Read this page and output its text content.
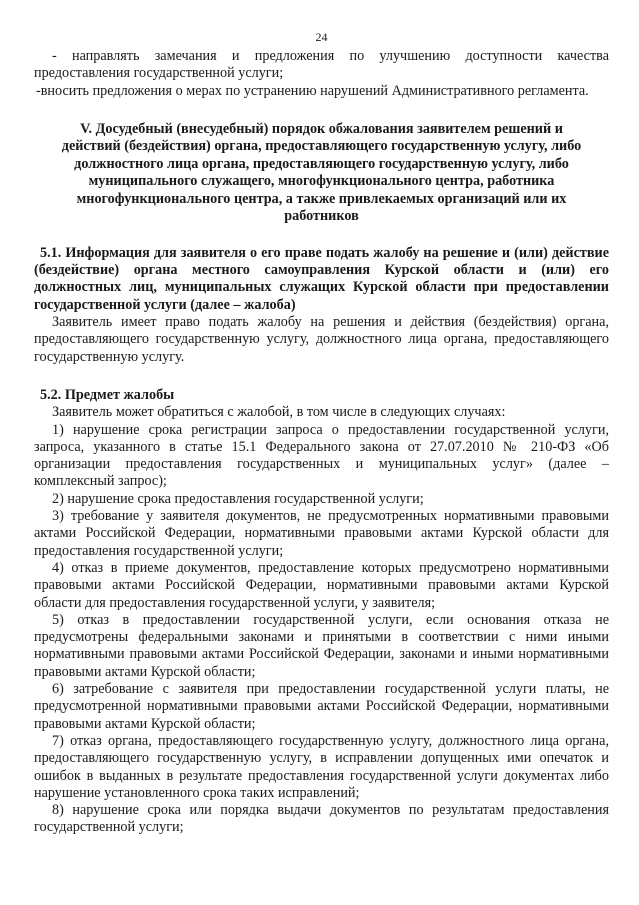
24

- направлять замечания и предложения по улучшению доступности качества предоставления государственной услуги;

-вносить предложения о мерах по устранению нарушений Административного регламента.

V. Досудебный (внесудебный) порядок обжалования заявителем решений и действий (бездействия) органа, предоставляющего государственную услугу, либо должностного лица органа, предоставляющего государственную услугу, либо муниципального служащего, многофункционального центра, работника многофункционального центра, а также привлекаемых организаций или их работников

5.1. Информация для заявителя о его праве подать жалобу на решение и (или) действие (бездействие) органа местного самоуправления Курской области и (или) его должностных лиц, муниципальных служащих Курской области при предоставлении государственной услуги (далее – жалоба)

Заявитель имеет право подать жалобу на решения и действия (бездействия) органа, предоставляющего государственную услугу, должностного лица органа, предоставляющего государственную услугу.

5.2. Предмет жалобы

Заявитель может обратиться с жалобой, в том числе в следующих случаях:

1) нарушение срока регистрации запроса о предоставлении государственной услуги, запроса, указанного в статье 15.1 Федерального закона от 27.07.2010 № 210-ФЗ «Об организации предоставления государственных и муниципальных услуг» (далее – комплексный запрос);

2) нарушение срока предоставления государственной услуги;

3) требование у заявителя документов, не предусмотренных нормативными правовыми актами Российской Федерации, нормативными правовыми актами Курской области для предоставления государственной услуги;

4) отказ в приеме документов, предоставление которых предусмотрено нормативными правовыми актами Российской Федерации, нормативными правовыми актами Курской области для предоставления государственной услуги, у заявителя;

5) отказ в предоставлении государственной услуги, если основания отказа не предусмотрены федеральными законами и принятыми в соответствии с ними иными нормативными правовыми актами Российской Федерации, законами и иными нормативными правовыми актами Курской области;

6) затребование с заявителя при предоставлении государственной услуги платы, не предусмотренной нормативными правовыми актами Российской Федерации, нормативными правовыми актами Курской области;

7) отказ органа, предоставляющего государственную услугу, должностного лица органа, предоставляющего государственную услугу, в исправлении допущенных ими опечаток и ошибок в выданных в результате предоставления государственной услуги документах либо нарушение установленного срока таких исправлений;

8) нарушение срока или порядка выдачи документов по результатам предоставления государственной услуги;
